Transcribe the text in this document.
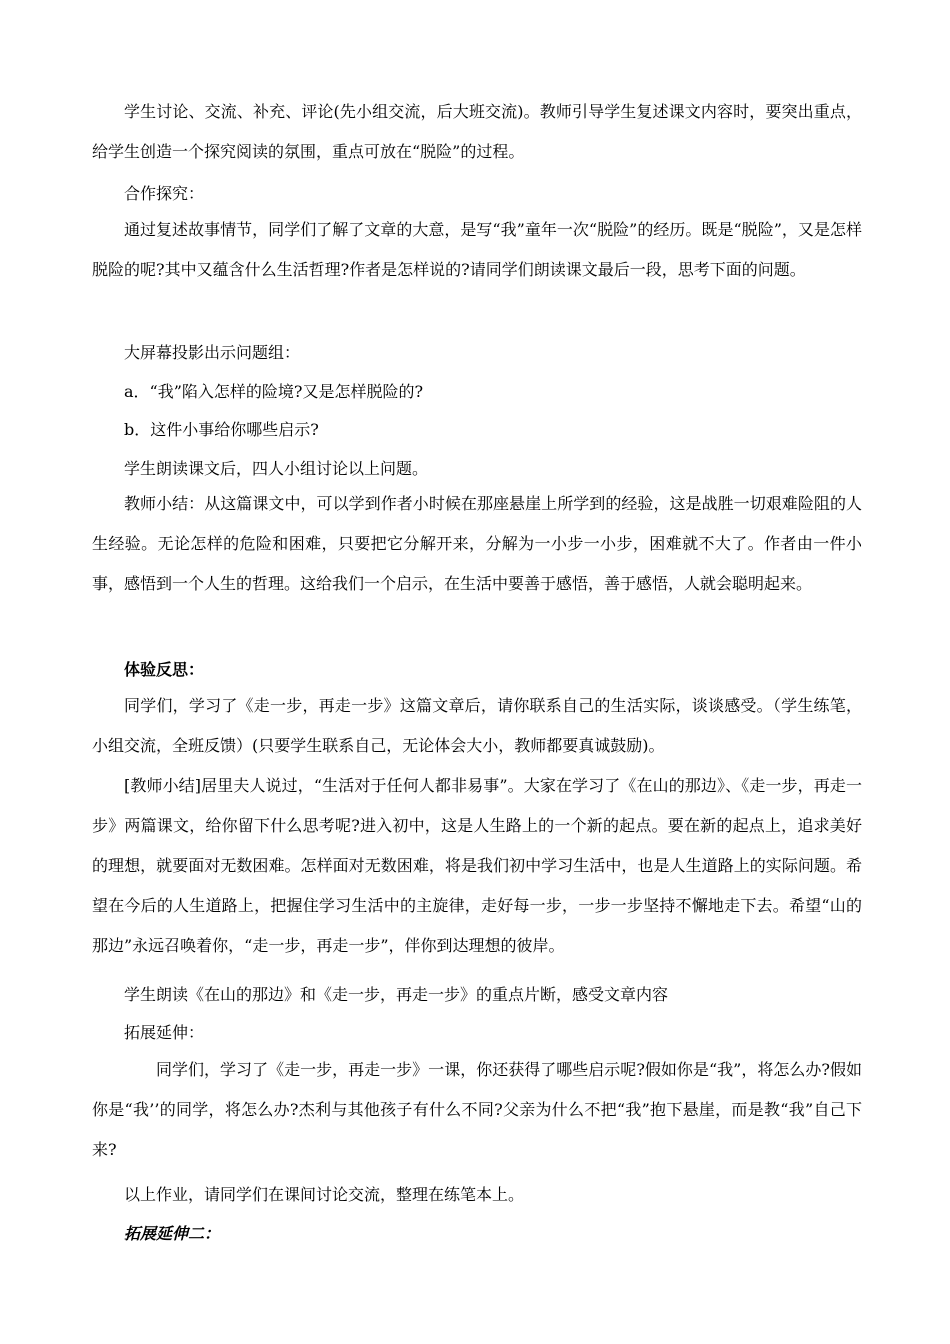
学生讨论、交流、补充、评论(先小组交流，后大班交流)。教师引导学生复述课文内容时，要突出重点，给学生创造一个探究阅读的氛围，重点可放在“脱险”的过程。
合作探究：
通过复述故事情节，同学们了解了文章的大意，是写“我”童年一次“脱险”的经历。既是“脱险”，又是怎样脱险的呢?其中又蕴含什么生活哲理?作者是怎样说的?请同学们朗读课文最后一段，思考下面的问题。
大屏幕投影出示问题组：
a．“我”陷入怎样的险境?又是怎样脱险的?
b．这件小事给你哪些启示?
学生朗读课文后，四人小组讨论以上问题。
教师小结：从这篇课文中，可以学到作者小时候在那座悬崖上所学到的经验，这是战胜一切艰难险阻的人生经验。无论怎样的危险和困难，只要把它分解开来，分解为一小步一小步，困难就不大了。作者由一件小事，感悟到一个人生的哲理。这给我们一个启示，在生活中要善于感悟，善于感悟，人就会聪明起来。
体验反思：
同学们，学习了《走一步，再走一步》这篇文章后，请你联系自己的生活实际，谈谈感受。（学生练笔，小组交流，全班反馈）(只要学生联系自己，无论体会大小，教师都要真诚鼓励)。
[教师小结]居里夫人说过，“生活对于任何人都非易事”。大家在学习了《在山的那边》、《走一步，再走一步》两篇课文，给你留下什么思考呢?进入初中，这是人生路上的一个新的起点。要在新的起点上，追求美好的理想，就要面对无数困难。怎样面对无数困难，将是我们初中学习生活中，也是人生道路上的实际问题。希望在今后的人生道路上，把握住学习生活中的主旋律，走好每一步，一步一步坚持不懈地走下去。希望“山的那边”永远召唤着你，“走一步，再走一步”，伴你到达理想的彼岸。
学生朗读《在山的那边》和《走一步，再走一步》的重点片断，感受文章内容
拓展延伸：
同学们，学习了《走一步，再走一步》一课，你还获得了哪些启示呢?假如你是“我”，将怎么办?假如你是“我’’的同学，将怎么办?杰利与其他孩子有什么不同?父亲为什么不把“我”抱下悬崖，而是教“我”自己下来?
以上作业，请同学们在课间讨论交流，整理在练笔本上。
拓展延伸二：
